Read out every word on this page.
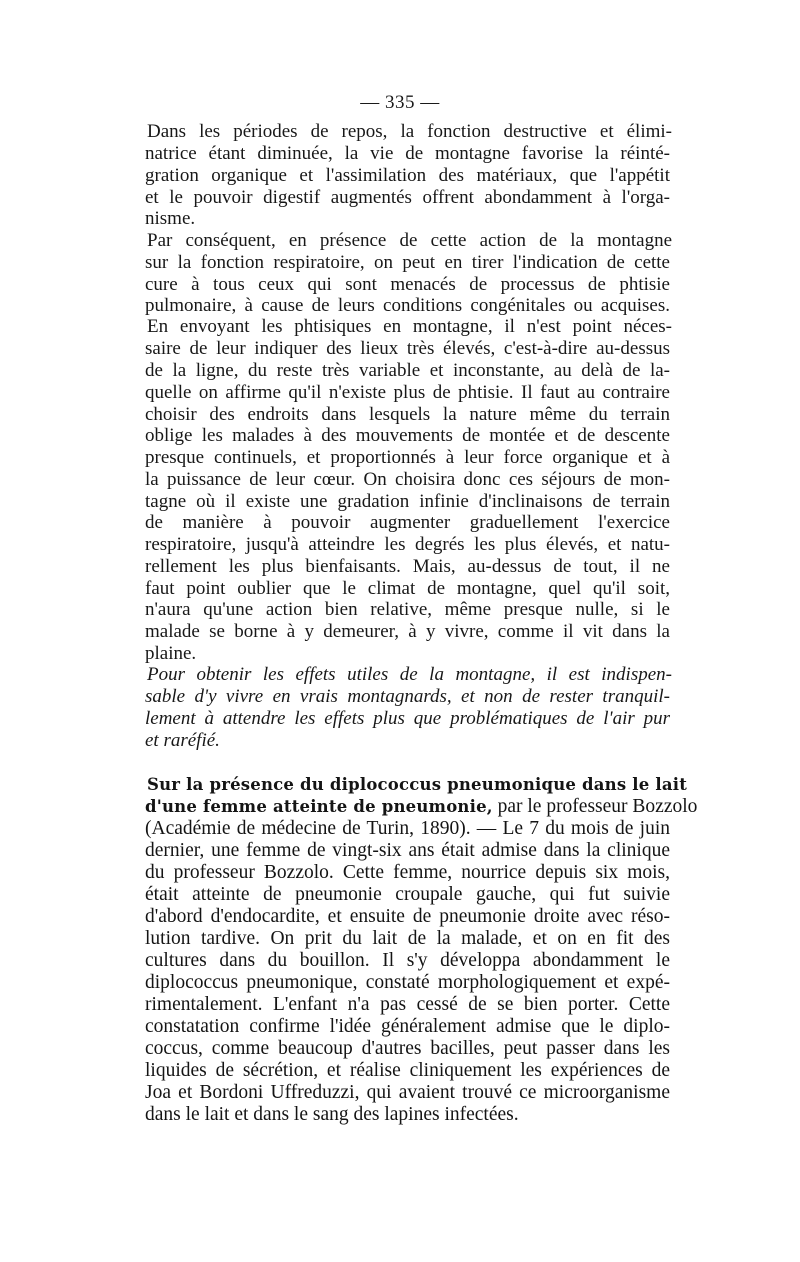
— 335 —
Dans les périodes de repos, la fonction destructive et élimi-
natrice étant diminuée, la vie de montagne favorise la réinté-
gration organique et l'assimilation des matériaux, que l'appétit
et le pouvoir digestif augmentés offrent abondamment à l'orga-
nisme.
Par conséquent, en présence de cette action de la montagne
sur la fonction respiratoire, on peut en tirer l'indication de cette
cure à tous ceux qui sont menacés de processus de phtisie
pulmonaire, à cause de leurs conditions congénitales ou acquises.
En envoyant les phtisiques en montagne, il n'est point néces-
saire de leur indiquer des lieux très élevés, c'est-à-dire au-dessus
de la ligne, du reste très variable et inconstante, au delà de la-
quelle on affirme qu'il n'existe plus de phtisie. Il faut au contraire
choisir des endroits dans lesquels la nature même du terrain
oblige les malades à des mouvements de montée et de descente
presque continuels, et proportionnés à leur force organique et à
la puissance de leur cœur. On choisira donc ces séjours de mon-
tagne où il existe une gradation infinie d'inclinaisons de terrain
de manière à pouvoir augmenter graduellement l'exercice
respiratoire, jusqu'à atteindre les degrés les plus élevés, et natu-
rellement les plus bienfaisants. Mais, au-dessus de tout, il ne
faut point oublier que le climat de montagne, quel qu'il soit,
n'aura qu'une action bien relative, même presque nulle, si le
malade se borne à y demeurer, à y vivre, comme il vit dans la
plaine.
Pour obtenir les effets utiles de la montagne, il est indispen-
sable d'y vivre en vrais montagnards, et non de rester tranquil-
lement à attendre les effets plus que problématiques de l'air pur
et raréfié.
Sur la présence du diplococcus pneumonique dans le lait
d'une femme atteinte de pneumonie, par le professeur Bozzolo
(Académie de médecine de Turin, 1890). — Le 7 du mois de juin
dernier, une femme de vingt-six ans était admise dans la clinique
du professeur Bozzolo. Cette femme, nourrice depuis six mois,
était atteinte de pneumonie croupale gauche, qui fut suivie
d'abord d'endocardite, et ensuite de pneumonie droite avec réso-
lution tardive. On prit du lait de la malade, et on en fit des
cultures dans du bouillon. Il s'y développa abondamment le
diplococcus pneumonique, constaté morphologiquement et expé-
rimentalement. L'enfant n'a pas cessé de se bien porter. Cette
constatation confirme l'idée généralement admise que le diplo-
coccus, comme beaucoup d'autres bacilles, peut passer dans les
liquides de sécrétion, et réalise cliniquement les expériences de
Joa et Bordoni Uffreduzzi, qui avaient trouvé ce microorganisme
dans le lait et dans le sang des lapines infectées.
